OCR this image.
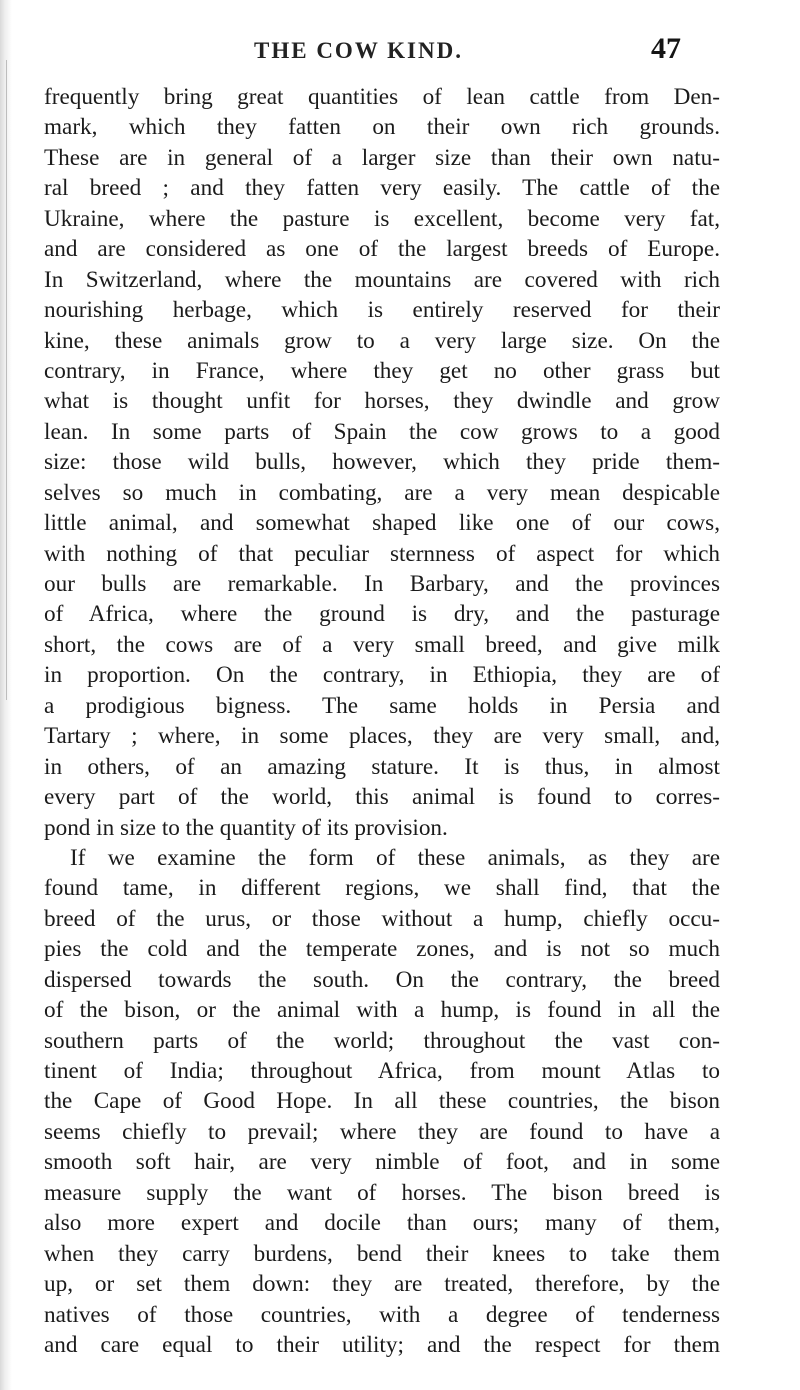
THE COW KIND.	47
frequently bring great quantities of lean cattle from Den-
mark, which they fatten on their own rich grounds.
These are in general of a larger size than their own natu-
ral breed ; and they fatten very easily. The cattle of the
Ukraine, where the pasture is excellent, become very fat,
and are considered as one of the largest breeds of Europe.
In Switzerland, where the mountains are covered with rich
nourishing herbage, which is entirely reserved for their
kine, these animals grow to a very large size. On the
contrary, in France, where they get no other grass but
what is thought unfit for horses, they dwindle and grow
lean. In some parts of Spain the cow grows to a good
size: those wild bulls, however, which they pride them-
selves so much in combating, are a very mean despicable
little animal, and somewhat shaped like one of our cows,
with nothing of that peculiar sternness of aspect for which
our bulls are remarkable. In Barbary, and the provinces
of Africa, where the ground is dry, and the pasturage
short, the cows are of a very small breed, and give milk
in proportion. On the contrary, in Ethiopia, they are of
a prodigious bigness. The same holds in Persia and
Tartary ; where, in some places, they are very small, and,
in others, of an amazing stature. It is thus, in almost
every part of the world, this animal is found to corres-
pond in size to the quantity of its provision.
If we examine the form of these animals, as they are
found tame, in different regions, we shall find, that the
breed of the urus, or those without a hump, chiefly occu-
pies the cold and the temperate zones, and is not so much
dispersed towards the south. On the contrary, the breed
of the bison, or the animal with a hump, is found in all the
southern parts of the world; throughout the vast con-
tinent of India; throughout Africa, from mount Atlas to
the Cape of Good Hope. In all these countries, the bison
seems chiefly to prevail; where they are found to have a
smooth soft hair, are very nimble of foot, and in some
measure supply the want of horses. The bison breed is
also more expert and docile than ours; many of them,
when they carry burdens, bend their knees to take them
up, or set them down: they are treated, therefore, by the
natives of those countries, with a degree of tenderness
and care equal to their utility; and the respect for them
